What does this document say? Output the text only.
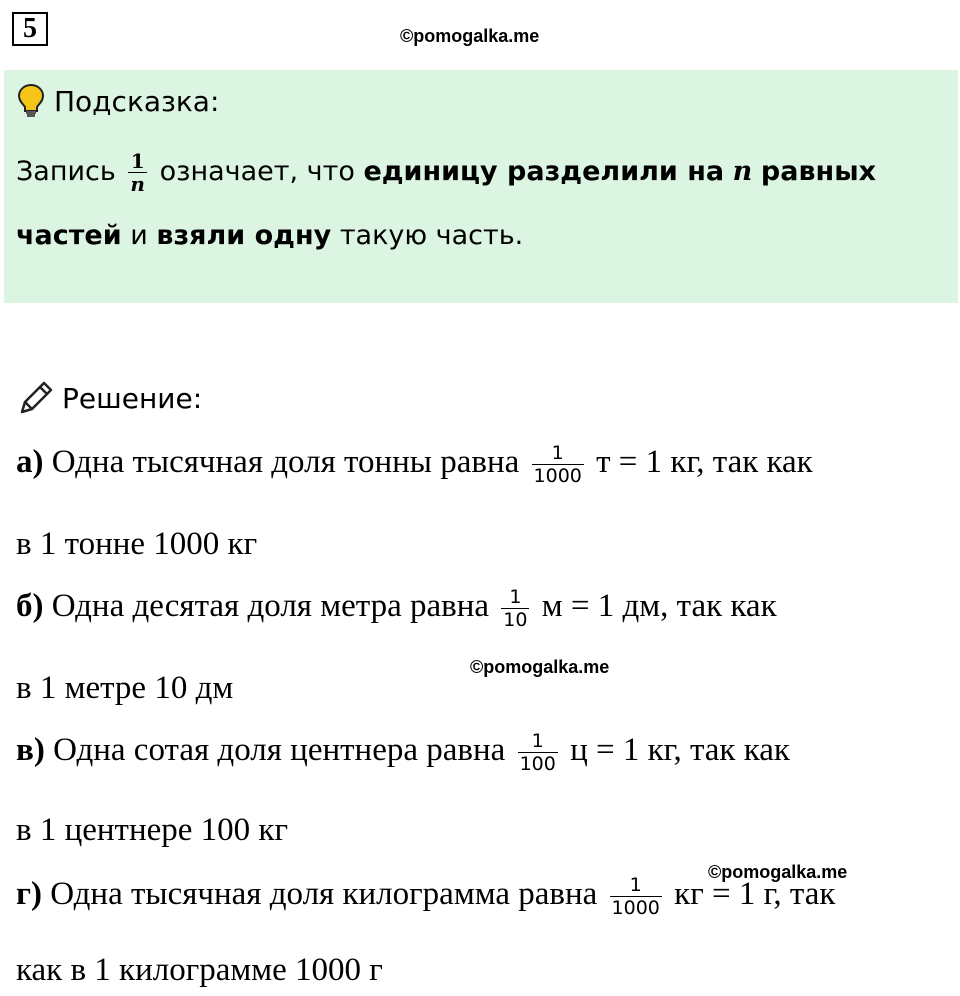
5	©pomogalka.me
Подсказка:
Запись $\frac{1}{n}$ означает, что единицу разделили на n равных
частей и взяли одну такую часть.
Решение:
а) Одна тысячная доля тонны равна $\frac{1}{1000}$ т = 1 кг, так как
в 1 тонне 1000 кг
б) Одна десятая доля метра равна $\frac{1}{10}$ м = 1 дм, так как
©pomogalka.me
в 1 метре 10 дм
в) Одна сотая доля центнера равна $\frac{1}{100}$ ц = 1 кг, так как
в 1 центнере 100 кг
©pomogalka.me
г) Одна тысячная доля килограмма равна $\frac{1}{1000}$ кг = 1 г, так
как в 1 килограмме 1000 г
